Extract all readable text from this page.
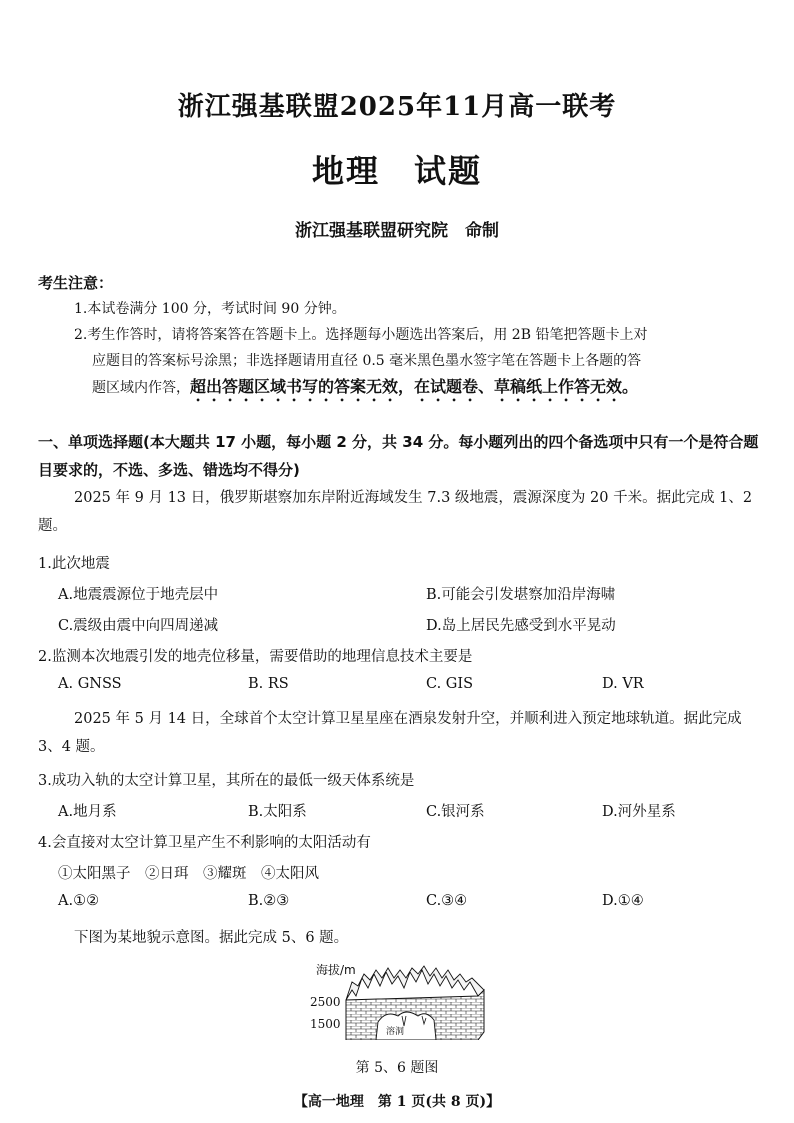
浙江强基联盟2025年11月高一联考
地理　试题
浙江强基联盟研究院　命制
考生注意：
1.本试卷满分 100 分，考试时间 90 分钟。
2.考生作答时，请将答案答在答题卡上。选择题每小题选出答案后，用 2B 铅笔把答题卡上对
应题目的答案标号涂黑；非选择题请用直径 0.5 毫米黑色墨水签字笔在答题卡上各题的答
题区域内作答，超出答题区域书写的答案无效，在试题卷、草稿纸上作答无效。
一、单项选择题(本大题共 17 小题，每小题 2 分，共 34 分。每小题列出的四个备选项中只有一个是符合题目要求的，不选、多选、错选均不得分)
2025 年 9 月 13 日，俄罗斯堪察加东岸附近海域发生 7.3 级地震，震源深度为 20 千米。据此完成 1、2 题。
1.此次地震
A.地震震源位于地壳层中	B.可能会引发堪察加沿岸海啸
C.震级由震中向四周递减	D.岛上居民先感受到水平晃动
2.监测本次地震引发的地壳位移量，需要借助的地理信息技术主要是
A. GNSS	B. RS	C. GIS	D. VR
2025 年 5 月 14 日，全球首个太空计算卫星星座在酒泉发射升空，并顺利进入预定地球轨道。据此完成 3、4 题。
3.成功入轨的太空计算卫星，其所在的最低一级天体系统是
A.地月系	B.太阳系	C.银河系	D.河外星系
4.会直接对太空计算卫星产生不利影响的太阳活动有
①太阳黑子　②日珥　③耀斑　④太阳风
A.①②	B.②③	C.③④	D.①④
下图为某地貌示意图。据此完成 5、6 题。
海拔/m
2500
1500
溶洞
第 5、6 题图
【高一地理　第 1 页(共 8 页)】
